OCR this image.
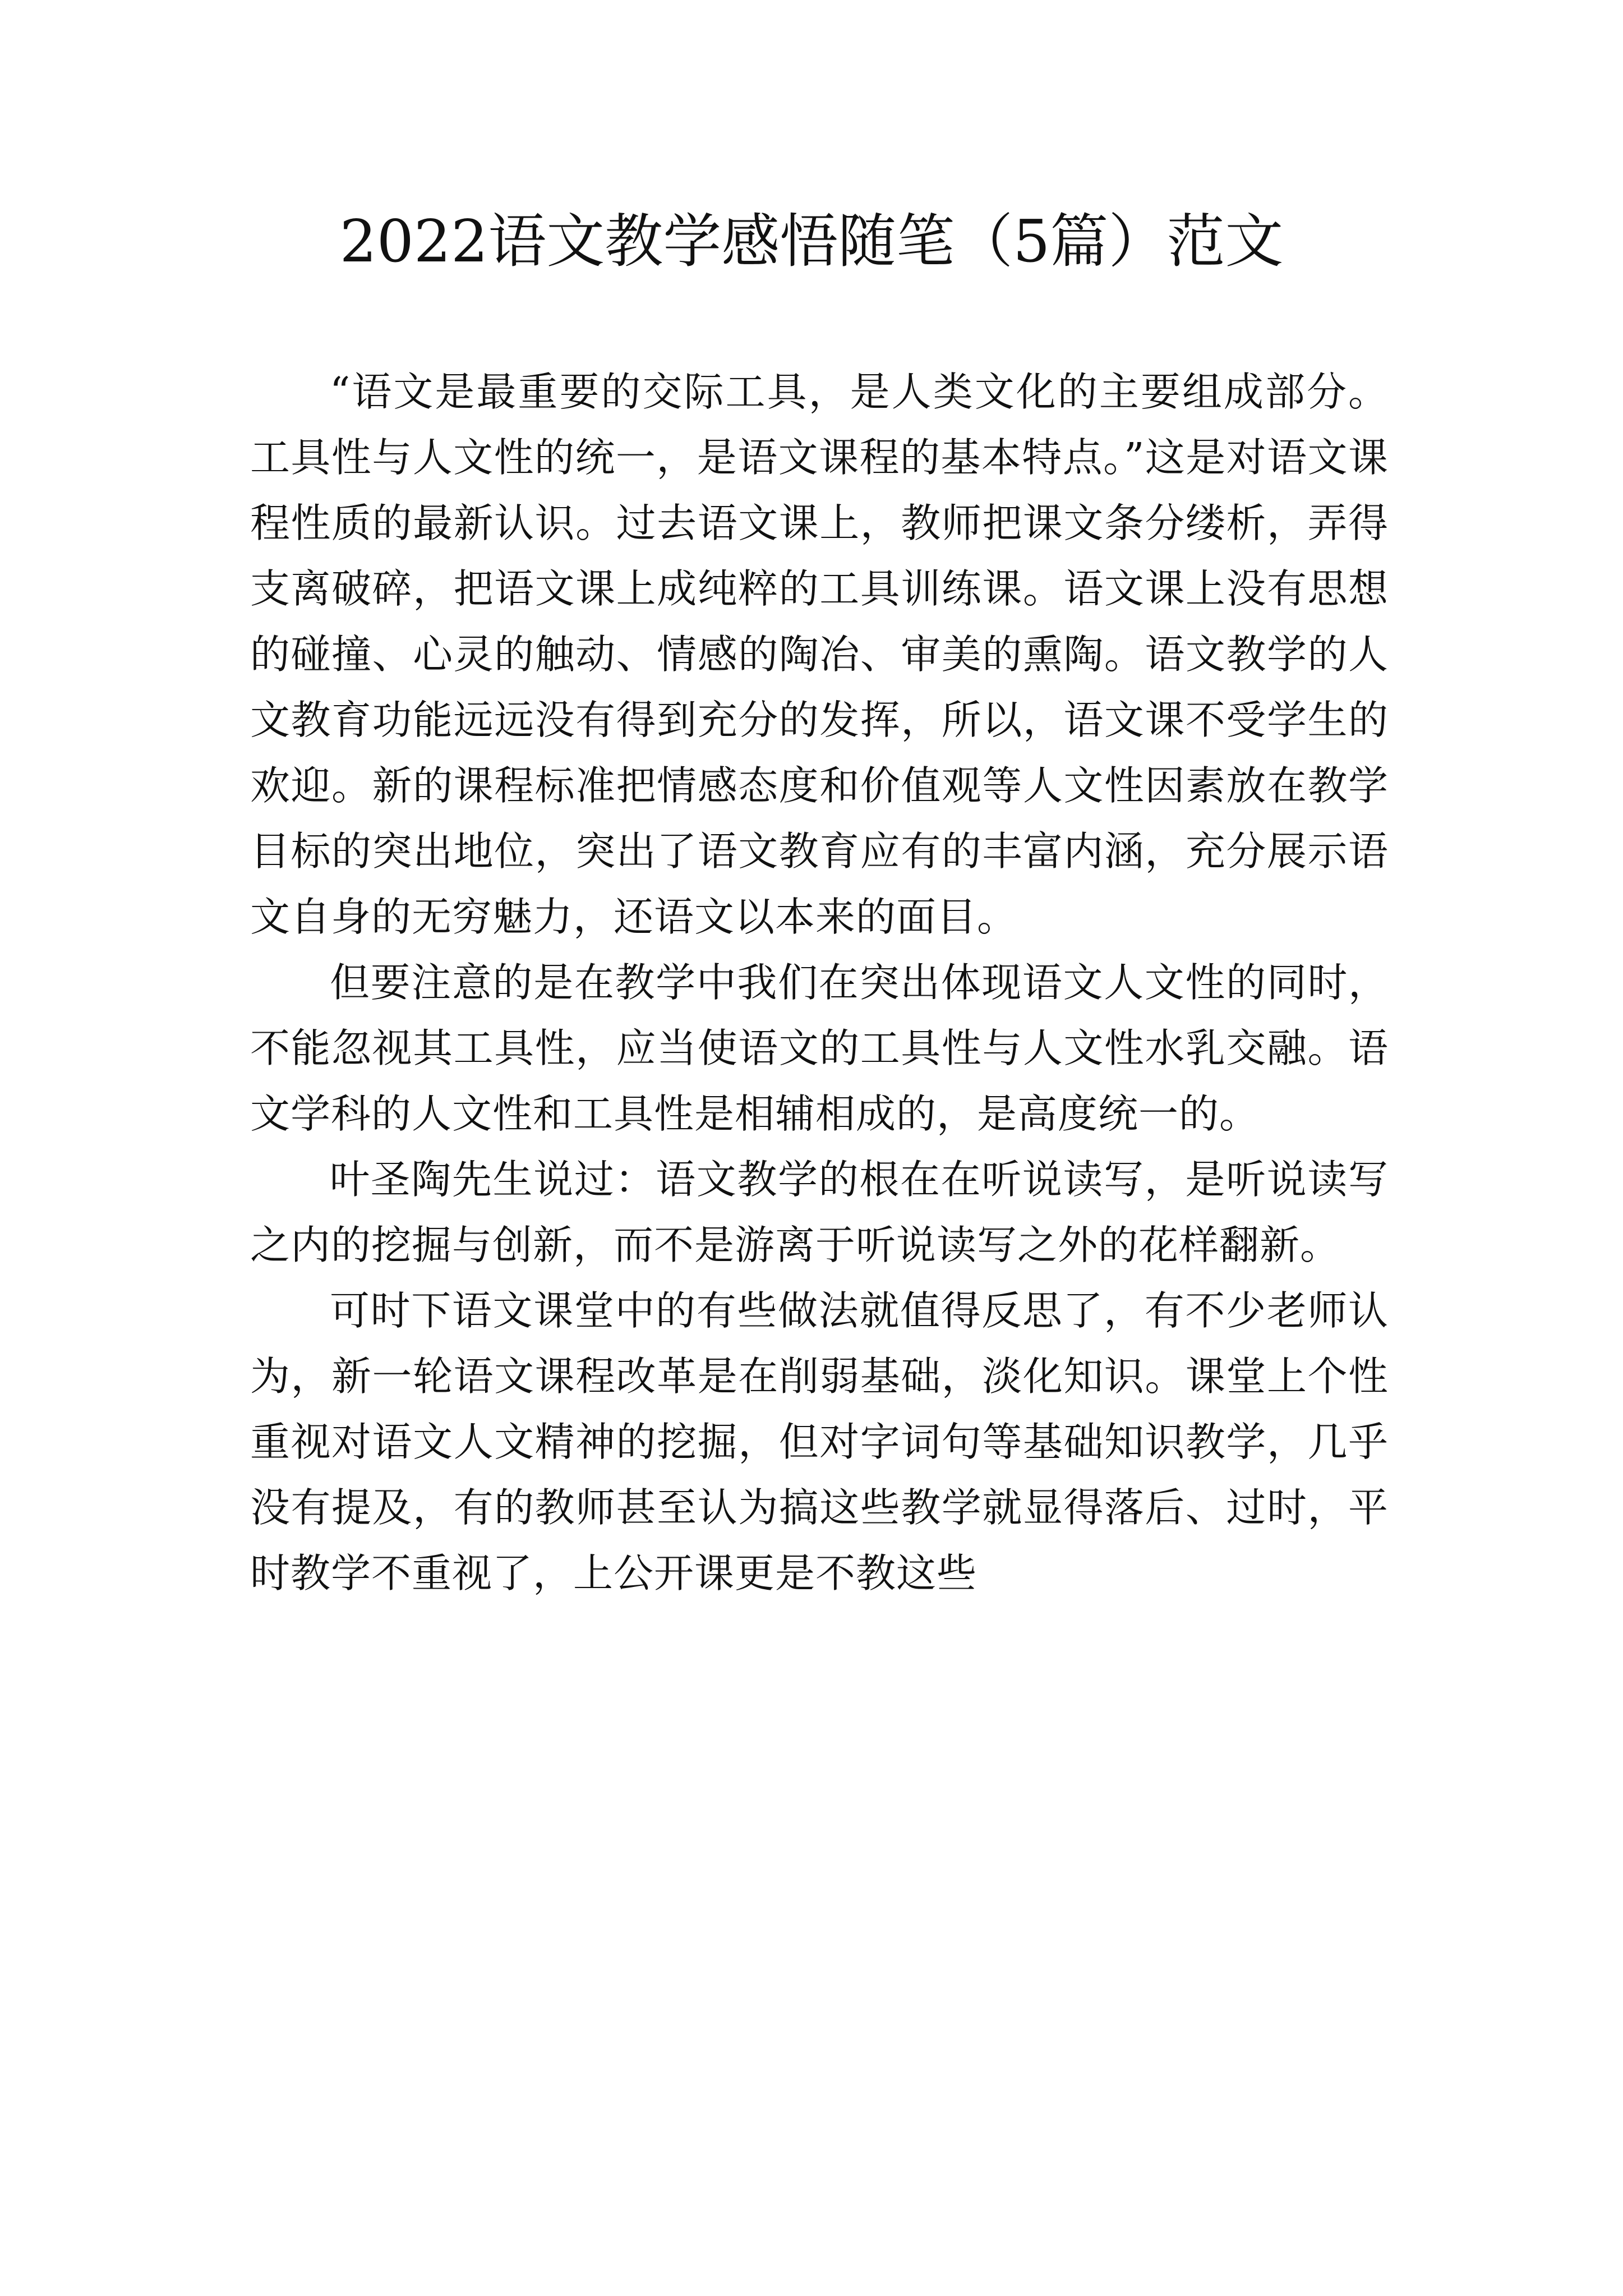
2022语文教学感悟随笔（5篇）范文

“语文是最重要的交际工具，是人类文化的主要组成部分。工具性与人文性的统一，是语文课程的基本特点。”这是对语文课程性质的最新认识。过去语文课上，教师把课文条分缕析，弄得支离破碎，把语文课上成纯粹的工具训练课。语文课上没有思想的碰撞、心灵的触动、情感的陶冶、审美的熏陶。语文教学的人文教育功能远远没有得到充分的发挥，所以，语文课不受学生的欢迎。新的课程标准把情感态度和价值观等人文性因素放在教学目标的突出地位，突出了语文教育应有的丰富内涵，充分展示语文自身的无穷魅力，还语文以本来的面目。

但要注意的是在教学中我们在突出体现语文人文性的同时，不能忽视其工具性，应当使语文的工具性与人文性水乳交融。语文学科的人文性和工具性是相辅相成的，是高度统一的。

叶圣陶先生说过：语文教学的根在在听说读写，是听说读写之内的挖掘与创新，而不是游离于听说读写之外的花样翻新。

可时下语文课堂中的有些做法就值得反思了，有不少老师认为，新一轮语文课程改革是在削弱基础，淡化知识。课堂上个性重视对语文人文精神的挖掘，但对字词句等基础知识教学，几乎没有提及，有的教师甚至认为搞这些教学就显得落后、过时，平时教学不重视了，上公开课更是不教这些
